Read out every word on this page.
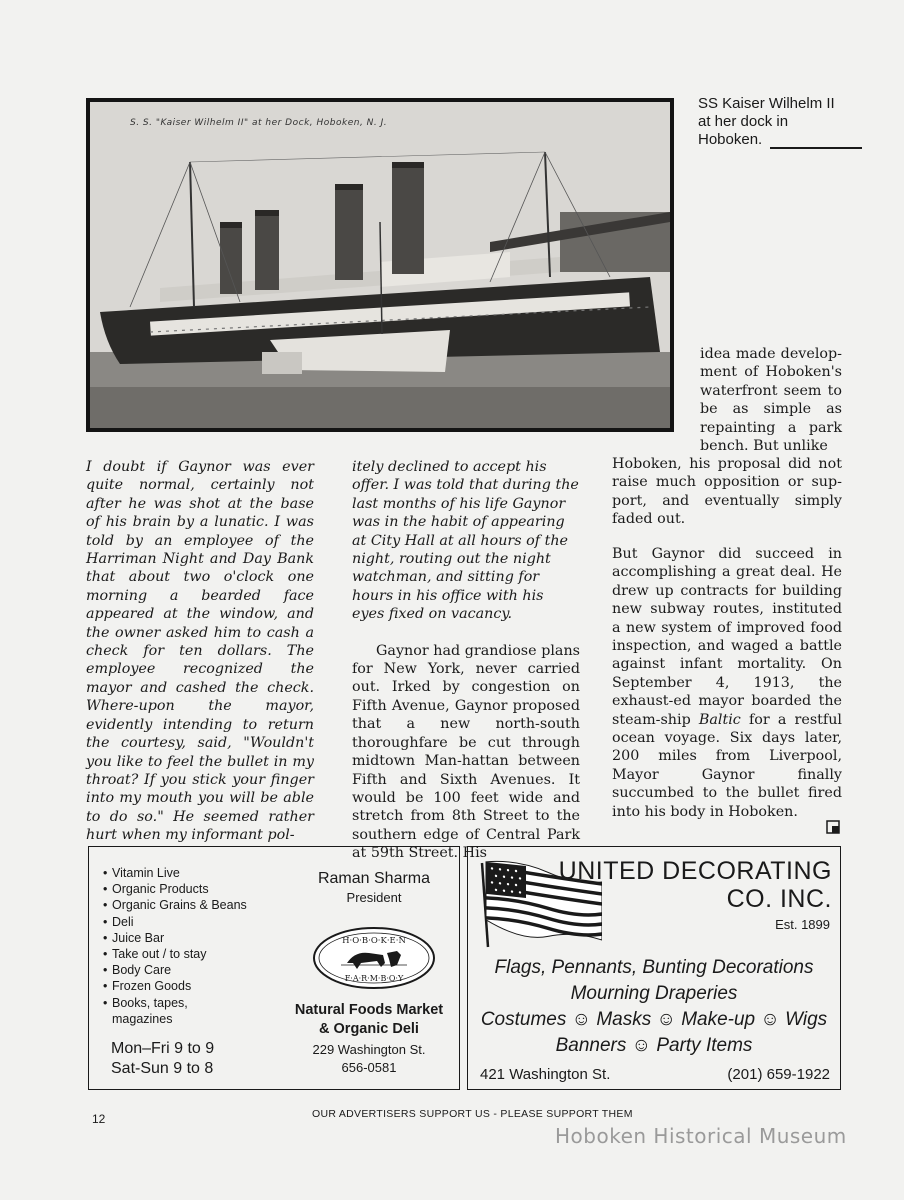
S. S. "Kaiser Wilhelm II" at her Dock, Hoboken, N. J.
SS Kaiser Wilhelm II at her dock in Hoboken.

I doubt if Gaynor was ever quite normal, certainly not after he was shot at the base of his brain by a lunatic. I was told by an employee of the Harriman Night and Day Bank that about two o'clock one morning a bearded face appeared at the window, and the owner asked him to cash a check for ten dollars. The employee recognized the mayor and cashed the check. Where-upon the mayor, evidently intending to return the courtesy, said, "Wouldn't you like to feel the bullet in my throat? If you stick your finger into my mouth you will be able to do so." He seemed rather hurt when my informant pol-

itely declined to accept his offer. I was told that during the last months of his life Gaynor was in the habit of appearing at City Hall at all hours of the night, routing out the night watchman, and sitting for hours in his office with his eyes fixed on vacancy.

Gaynor had grandiose plans for New York, never carried out. Irked by congestion on Fifth Avenue, Gaynor proposed that a new north-south thoroughfare be cut through midtown Man-hattan between Fifth and Sixth Avenues. It would be 100 feet wide and stretch from 8th Street to the southern edge of Central Park at 59th Street. His

idea made develop-ment of Hoboken's waterfront seem to be as simple as repainting a park bench. But unlike

Hoboken, his proposal did not raise much opposition or sup-port, and eventually simply faded out.

But Gaynor did succeed in accomplishing a great deal. He drew up contracts for building new subway routes, instituted a new system of improved food inspection, and waged a battle against infant mortality. On September 4, 1913, the exhaust-ed mayor boarded the steam-ship Baltic for a restful ocean voyage. Six days later, 200 miles from Liverpool, Mayor Gaynor finally succumbed to the bullet fired into his body in Hoboken.

• Vitamin Live
• Organic Products
• Organic Grains & Beans
• Deli
• Juice Bar
• Take out / to stay
• Body Care
• Frozen Goods
• Books, tapes, magazines
Mon–Fri 9 to 9
Sat-Sun 9 to 8
Raman Sharma
President
H·O·B·O·K·E·N
F·A·R·M·B·O·Y
Natural Foods Market
& Organic Deli
229 Washington St.
656-0581
UNITED DECORATING
CO. INC.
Est. 1899
Flags, Pennants, Bunting Decorations
Mourning Draperies
Costumes ☺ Masks ☺ Make-up ☺ Wigs
Banners ☺ Party Items
421 Washington St.	(201) 659-1922
12	OUR ADVERTISERS SUPPORT US - PLEASE SUPPORT THEM
Hoboken Historical Museum
